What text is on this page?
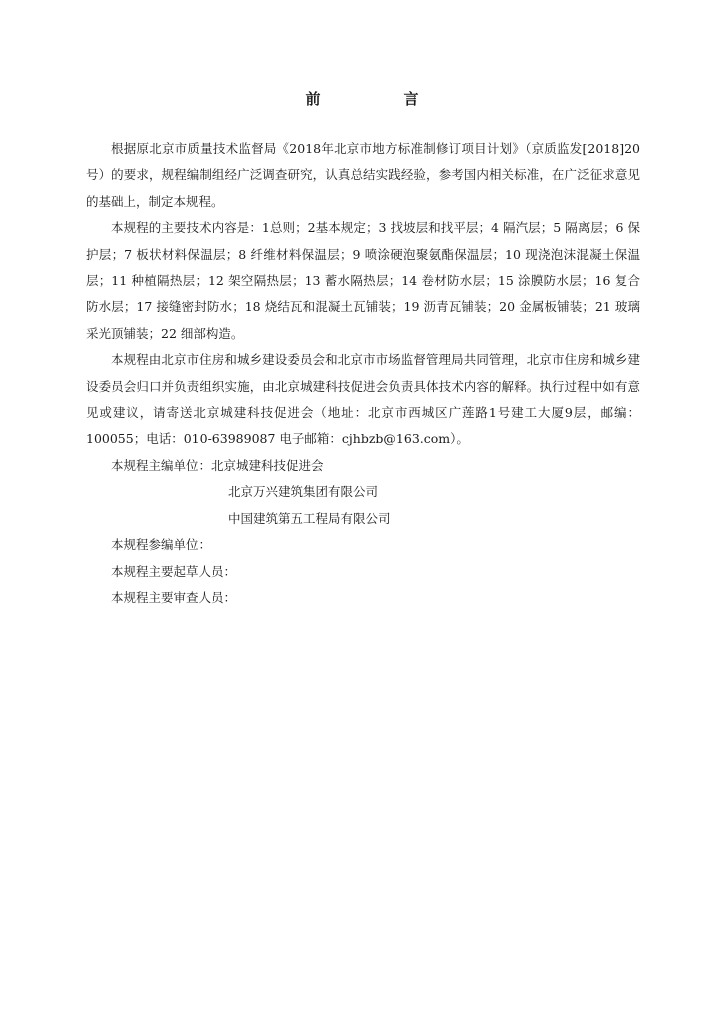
前　言

根据原北京市质量技术监督局《2018年北京市地方标准制修订项目计划》（京质监发[2018]20号）的要求，规程编制组经广泛调查研究，认真总结实践经验，参考国内相关标准，在广泛征求意见的基础上，制定本规程。

本规程的主要技术内容是：1总则；2基本规定；3 找坡层和找平层；4 隔汽层；5 隔离层；6 保护层；7 板状材料保温层；8 纤维材料保温层；9 喷涂硬泡聚氨酯保温层；10 现浇泡沫混凝土保温层；11 种植隔热层；12 架空隔热层；13 蓄水隔热层；14 卷材防水层；15 涂膜防水层；16 复合防水层；17 接缝密封防水；18 烧结瓦和混凝土瓦铺装；19 沥青瓦铺装；20 金属板铺装；21 玻璃采光顶铺装；22 细部构造。

本规程由北京市住房和城乡建设委员会和北京市市场监督管理局共同管理，北京市住房和城乡建设委员会归口并负责组织实施，由北京城建科技促进会负责具体技术内容的解释。执行过程中如有意见或建议，请寄送北京城建科技促进会（地址：北京市西城区广莲路1号建工大厦9层，邮编：100055；电话：010-63989087 电子邮箱：cjhbzb@163.com）。

本规程主编单位：北京城建科技促进会

北京万兴建筑集团有限公司

中国建筑第五工程局有限公司

本规程参编单位：

本规程主要起草人员：

本规程主要审查人员：
